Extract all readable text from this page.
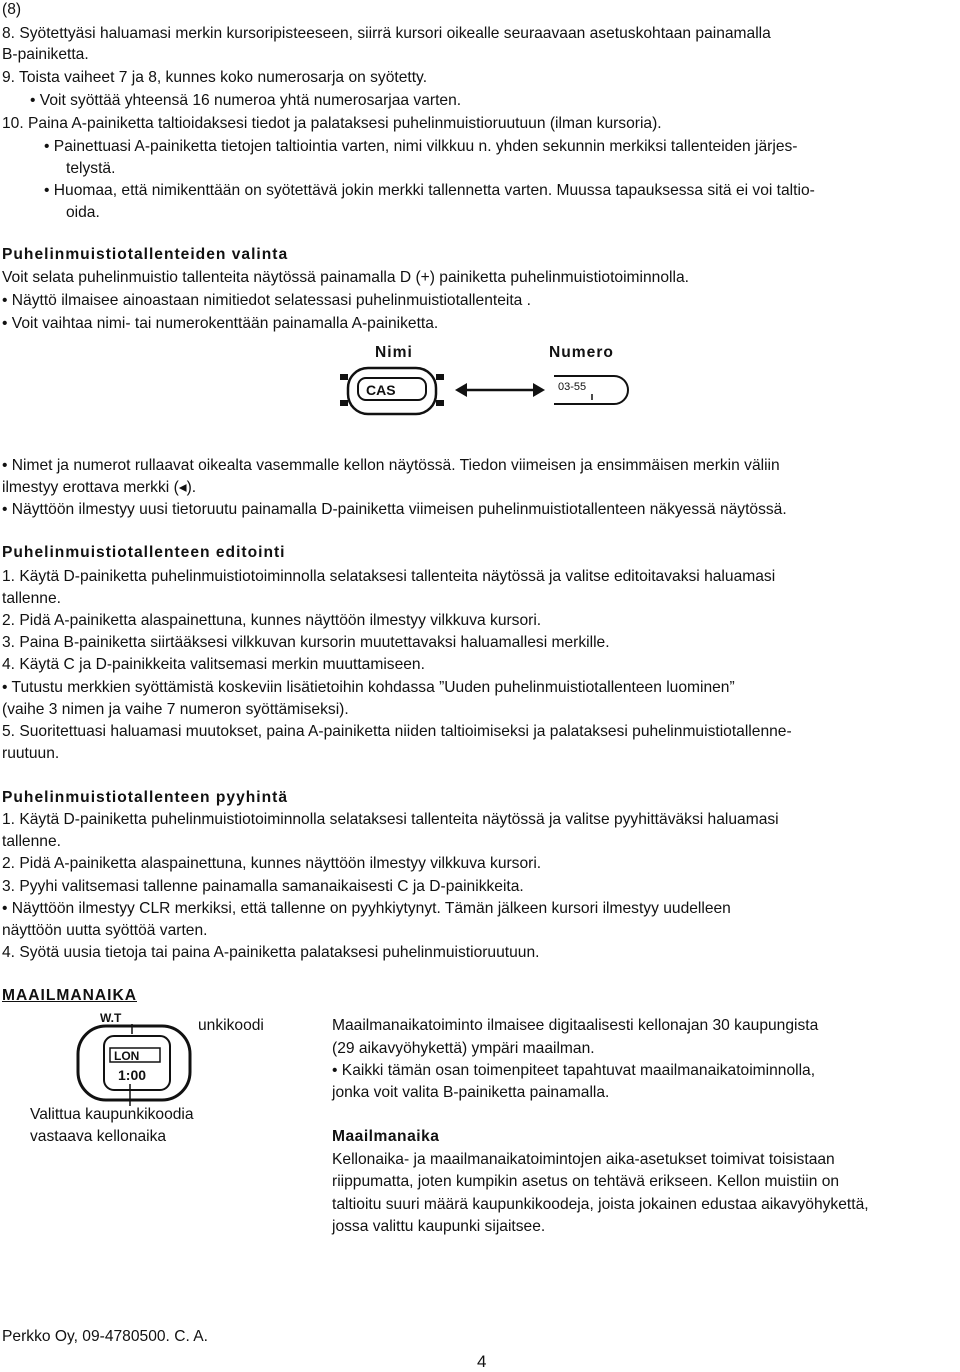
(8)
8. Syötettyäsi haluamasi merkin kursoripisteeseen, siirrä kursori oikealle seuraavaan asetuskohtaan painamalla
B-painiketta.
9. Toista vaiheet 7 ja 8, kunnes koko numerosarja on syötetty.
• Voit syöttää yhteensä 16 numeroa yhtä numerosarjaa varten.
10. Paina A-painiketta taltioidaksesi tiedot ja palataksesi puhelinmuistioruutuun (ilman kursoria).
• Painettuasi A-painiketta tietojen taltiointia varten, nimi vilkkuu n. yhden sekunnin merkiksi tallenteiden järjes-
telystä.
• Huomaa, että nimikenttään on syötettävä jokin merkki tallennetta varten. Muussa tapauksessa sitä ei voi taltio-
oida.
Puhelinmuistiotallenteiden valinta
Voit selata puhelinmuistio tallenteita näytössä painamalla D (+) painiketta puhelinmuistiotoiminnolla.
• Näyttö ilmaisee ainoastaan nimitiedot selatessasi puhelinmuistiotallenteita .
• Voit vaihtaa nimi- tai numerokenttään painamalla A-painiketta.
Nimi	Numero
CAS	03-55
• Nimet ja numerot rullaavat oikealta vasemmalle kellon näytössä. Tiedon viimeisen ja ensimmäisen merkin väliin
ilmestyy erottava merkki (◂).
• Näyttöön ilmestyy uusi tietoruutu painamalla D-painiketta viimeisen puhelinmuistiotallenteen näkyessä näytössä.
Puhelinmuistiotallenteen editointi
1. Käytä D-painiketta puhelinmuistiotoiminnolla selataksesi tallenteita näytössä ja valitse editoitavaksi haluamasi
tallenne.
2. Pidä A-painiketta alaspainettuna, kunnes näyttöön ilmestyy vilkkuva kursori.
3. Paina B-painiketta siirtääksesi vilkkuvan kursorin muutettavaksi haluamallesi merkille.
4. Käytä C ja D-painikkeita valitsemasi merkin muuttamiseen.
• Tutustu merkkien syöttämistä koskeviin lisätietoihin kohdassa ”Uuden puhelinmuistiotallenteen luominen”
(vaihe 3 nimen ja vaihe 7 numeron syöttämiseksi).
5. Suoritettuasi haluamasi muutokset, paina A-painiketta niiden taltioimiseksi ja palataksesi puhelinmuistiotallenne-
ruutuun.
Puhelinmuistiotallenteen pyyhintä
1. Käytä D-painiketta puhelinmuistiotoiminnolla selataksesi tallenteita näytössä ja valitse pyyhittäväksi haluamasi
tallenne.
2. Pidä A-painiketta alaspainettuna, kunnes näyttöön ilmestyy vilkkuva kursori.
3. Pyyhi valitsemasi tallenne painamalla samanaikaisesti C ja D-painikkeita.
• Näyttöön ilmestyy CLR merkiksi, että tallenne on pyyhkiytynyt. Tämän jälkeen kursori ilmestyy uudelleen
näyttöön uutta syöttöä varten.
4. Syötä uusia tietoja tai paina A-painiketta palataksesi puhelinmuistioruutuun.
MAAILMANAIKA
W.T
LON
1:00
unkikoodi
Valittua kaupunkikoodia
vastaava kellonaika
Maailmanaikatoiminto ilmaisee digitaalisesti kellonajan 30 kaupungista
(29 aikavyöhykettä) ympäri maailman.
• Kaikki tämän osan toimenpiteet tapahtuvat maailmanaikatoiminnolla,
jonka voit valita B-painiketta painamalla.
Maailmanaika
Kellonaika- ja maailmanaikatoimintojen aika-asetukset toimivat toisistaan
riippumatta, joten kumpikin asetus on tehtävä erikseen. Kellon muistiin on
taltioitu suuri määrä kaupunkikoodeja, joista jokainen edustaa aikavyöhykettä,
jossa valittu kaupunki sijaitsee.
Perkko Oy, 09-4780500. C. A.
4
